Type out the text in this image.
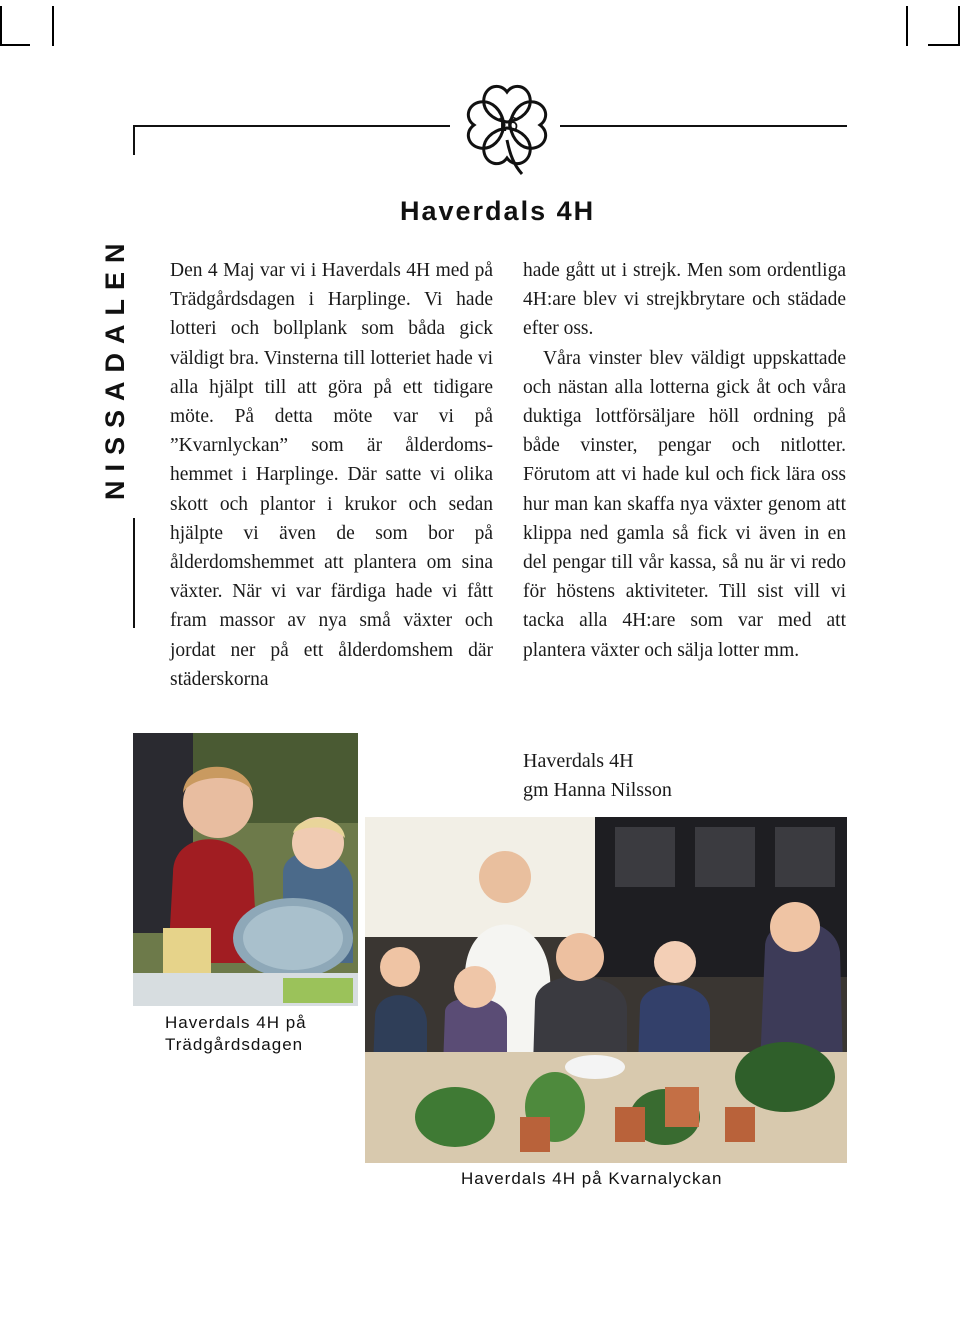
16
Haverdals 4H
NISSADALEN Den 4 Maj var vi i Haverdals 4H med på Trädgårdsdagen i Harplinge. Vi hade lotteri och bollplank som båda gick väldigt bra. Vinsterna till lotteriet hade vi alla hjälpt till att göra på ett tidigare möte. På detta möte var vi på ”Kvarnlyckan” som är ålderdomshemmet i Harplinge. Där satte vi olika skott och plantor i krukor och sedan hjälpte vi även de som bor på ålderdomshemmet att plantera om sina växter. När vi var färdiga hade vi fått fram massor av nya små växter och jordat ner på ett ålderdomshem där städerskorna

hade gått ut i strejk. Men som ordentliga 4H:are blev vi strejkbrytare och städade efter oss.

Våra vinster blev väldigt uppskattade och nästan alla lotterna gick åt och våra duktiga lottförsäljare höll ordning på både vinster, pengar och nitlotter. Förutom att vi hade kul och fick lära oss hur man kan skaffa nya växter genom att klippa ned gamla så fick vi även in en del pengar till vår kassa, så nu är vi redo för höstens aktiviteter. Till sist vill vi tacka alla 4H:are som var med att plantera växter och sälja lotter mm.

Haverdals 4H
gm Hanna Nilsson
Haverdals 4H på Trädgårdsdagen
Haverdals 4H på Kvarnalyckan
